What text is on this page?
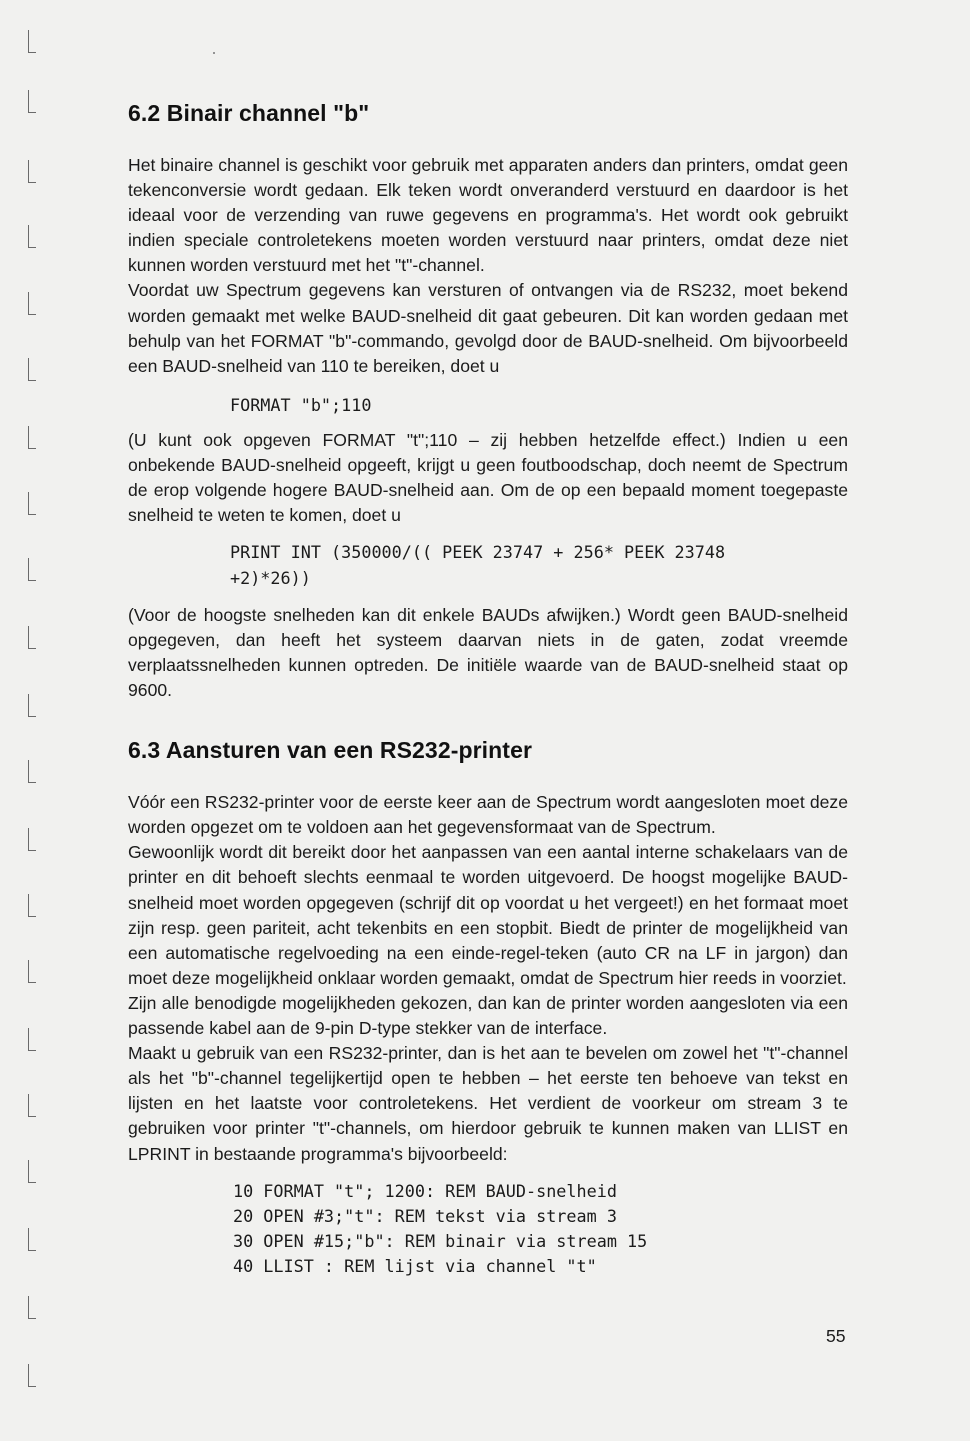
6.2 Binair channel "b"

Het binaire channel is geschikt voor gebruik met apparaten anders dan printers, omdat geen tekenconversie wordt gedaan. Elk teken wordt onveranderd verstuurd en daardoor is het ideaal voor de verzending van ruwe gegevens en programma's. Het wordt ook gebruikt indien speciale controletekens moeten worden verstuurd naar printers, omdat deze niet kunnen worden verstuurd met het "t"-channel.

Voordat uw Spectrum gegevens kan versturen of ontvangen via de RS232, moet bekend worden gemaakt met welke BAUD-snelheid dit gaat gebeuren. Dit kan worden gedaan met behulp van het FORMAT "b"-commando, gevolgd door de BAUD-snelheid. Om bijvoorbeeld een BAUD-snelheid van 110 te bereiken, doet u

FORMAT "b";110

(U kunt ook opgeven FORMAT "t";110 – zij hebben hetzelfde effect.) Indien u een onbekende BAUD-snelheid opgeeft, krijgt u geen foutboodschap, doch neemt de Spectrum de erop volgende hogere BAUD-snelheid aan. Om de op een bepaald moment toegepaste snelheid te weten te komen, doet u

PRINT INT (350000/(( PEEK 23747 + 256* PEEK 23748
+2)*26))

(Voor de hoogste snelheden kan dit enkele BAUDs afwijken.) Wordt geen BAUD-snelheid opgegeven, dan heeft het systeem daarvan niets in de gaten, zodat vreemde verplaatssnelheden kunnen optreden. De initiële waarde van de BAUD-snelheid staat op 9600.

6.3 Aansturen van een RS232-printer

Vóór een RS232-printer voor de eerste keer aan de Spectrum wordt aangesloten moet deze worden opgezet om te voldoen aan het gegevensformaat van de Spectrum.

Gewoonlijk wordt dit bereikt door het aanpassen van een aantal interne schakelaars van de printer en dit behoeft slechts eenmaal te worden uitgevoerd. De hoogst mogelijke BAUD-snelheid moet worden opgegeven (schrijf dit op voordat u het vergeet!) en het formaat moet zijn resp. geen pariteit, acht tekenbits en een stopbit. Biedt de printer de mogelijkheid van een automatische regelvoeding na een einde-regel-teken (auto CR na LF in jargon) dan moet deze mogelijkheid onklaar worden gemaakt, omdat de Spectrum hier reeds in voorziet.

Zijn alle benodigde mogelijkheden gekozen, dan kan de printer worden aangesloten via een passende kabel aan de 9-pin D-type stekker van de interface.

Maakt u gebruik van een RS232-printer, dan is het aan te bevelen om zowel het "t"-channel als het "b"-channel tegelijkertijd open te hebben – het eerste ten behoeve van tekst en lijsten en het laatste voor controletekens. Het verdient de voorkeur om stream 3 te gebruiken voor printer "t"-channels, om hierdoor gebruik te kunnen maken van LLIST en LPRINT in bestaande programma's bijvoorbeeld:

10 FORMAT "t"; 1200: REM BAUD-snelheid
20 OPEN #3;"t": REM tekst via stream 3
30 OPEN #15;"b": REM binair via stream 15
40 LLIST : REM lijst via channel "t"
55
